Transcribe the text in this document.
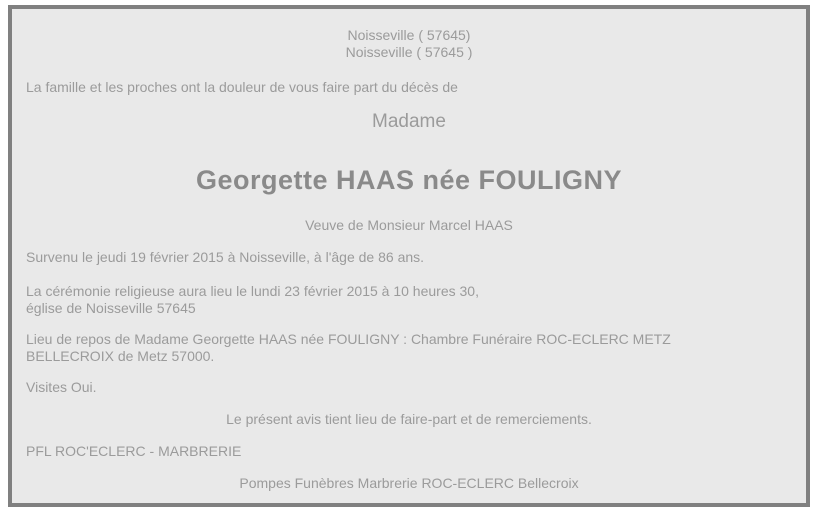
Noisseville ( 57645)
Noisseville ( 57645 )
La famille et les proches ont la douleur de vous faire part du décès de
Madame
Georgette HAAS née FOULIGNY
Veuve de Monsieur Marcel HAAS
Survenu le jeudi 19 février 2015 à Noisseville, à l'âge de 86 ans.
La cérémonie religieuse aura lieu le lundi 23 février 2015 à 10 heures 30,
église de Noisseville 57645
Lieu de repos de Madame Georgette HAAS née FOULIGNY : Chambre Funéraire ROC-ECLERC METZ
BELLECROIX de Metz 57000.
Visites Oui.
Le présent avis tient lieu de faire-part et de remerciements.
PFL ROC'ECLERC - MARBRERIE
Pompes Funèbres Marbrerie ROC-ECLERC Bellecroix
